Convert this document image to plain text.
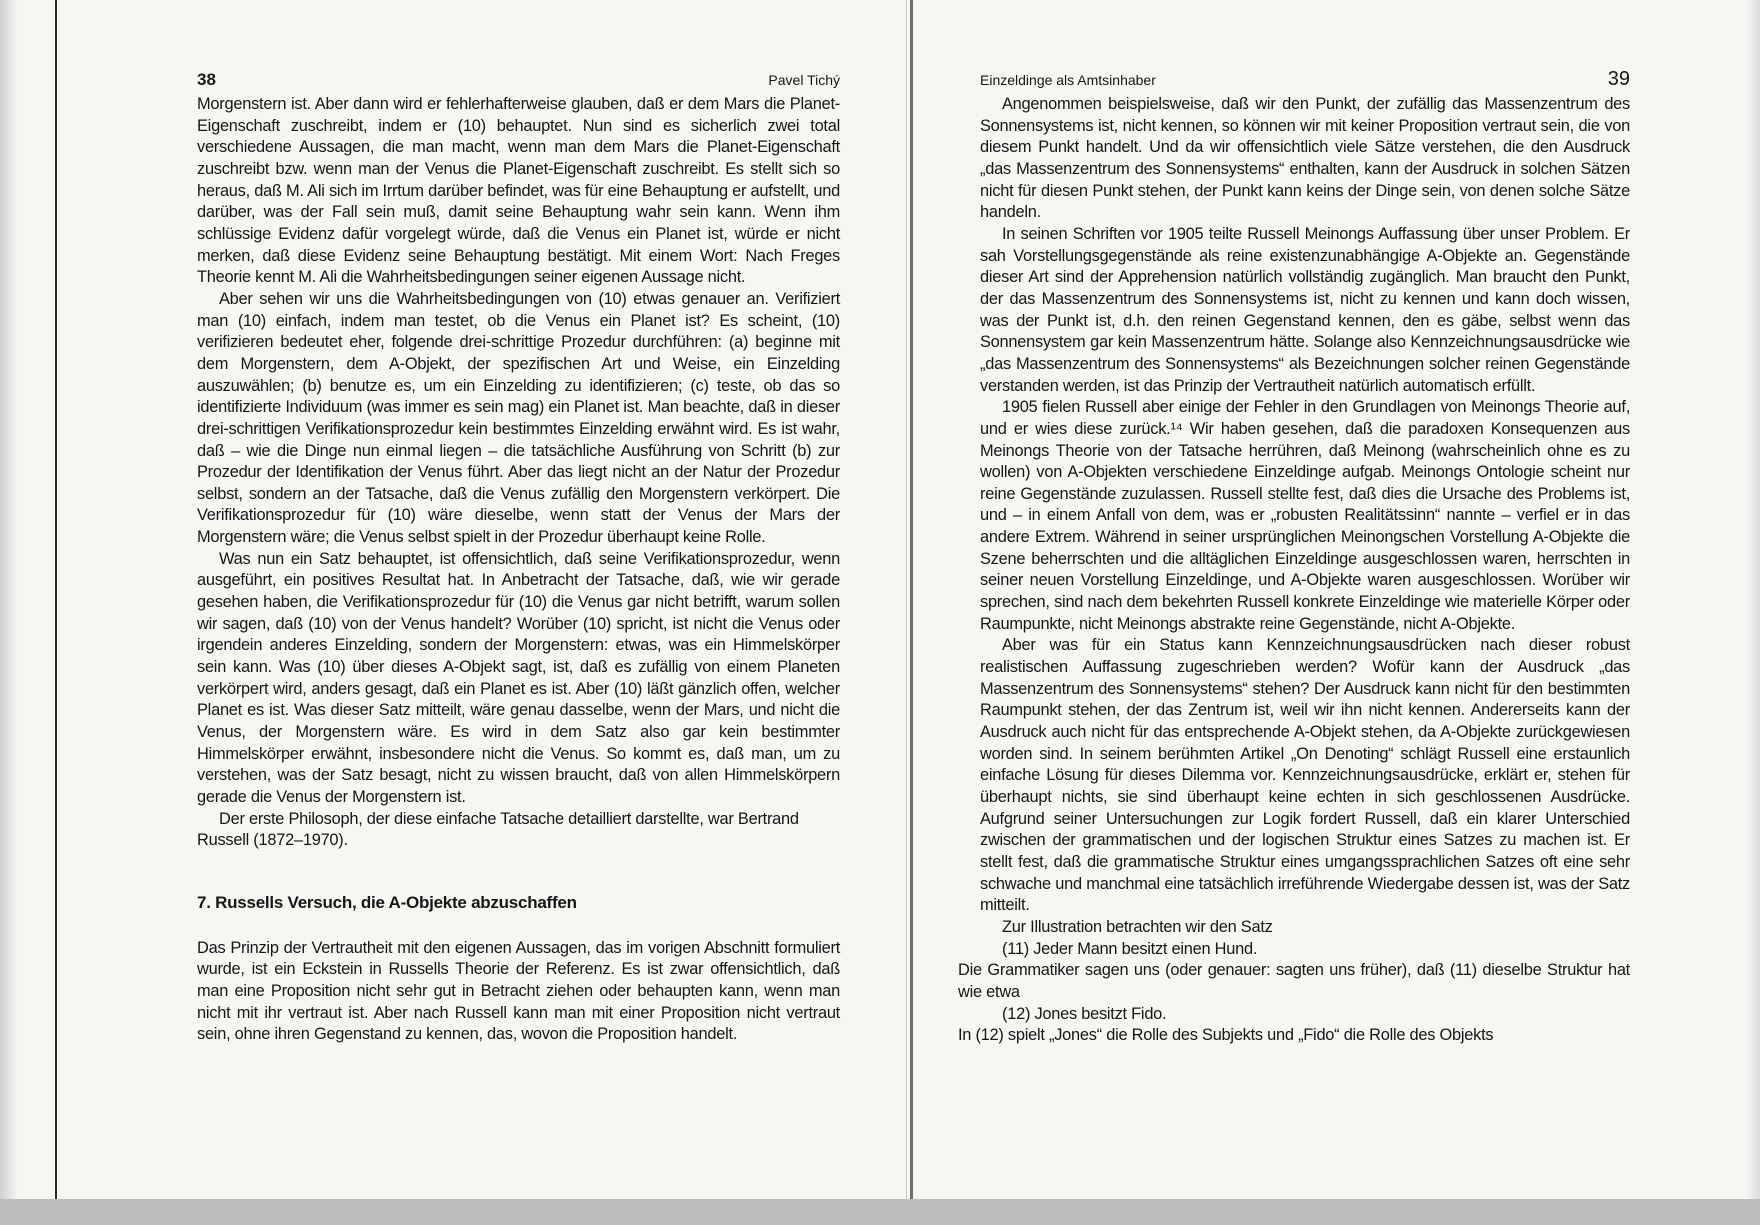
38	Pavel Tichý

Morgenstern ist. Aber dann wird er fehlerhafterweise glauben, daß er dem Mars die Planet-Eigenschaft zuschreibt, indem er (10) behauptet. Nun sind es sicherlich zwei total verschiedene Aussagen, die man macht, wenn man dem Mars die Planet-Eigenschaft zuschreibt bzw. wenn man der Venus die Planet-Eigenschaft zuschreibt. Es stellt sich so heraus, daß M. Ali sich im Irrtum darüber befindet, was für eine Behauptung er aufstellt, und darüber, was der Fall sein muß, damit seine Behauptung wahr sein kann. Wenn ihm schlüssige Evidenz dafür vorgelegt würde, daß die Venus ein Planet ist, würde er nicht merken, daß diese Evidenz seine Behauptung bestätigt. Mit einem Wort: Nach Freges Theorie kennt M. Ali die Wahrheitsbedingungen seiner eigenen Aussage nicht.

Aber sehen wir uns die Wahrheitsbedingungen von (10) etwas genauer an. Verifiziert man (10) einfach, indem man testet, ob die Venus ein Planet ist? Es scheint, (10) verifizieren bedeutet eher, folgende drei-schrittige Prozedur durchführen: (a) beginne mit dem Morgenstern, dem A-Objekt, der spezifischen Art und Weise, ein Einzelding auszuwählen; (b) benutze es, um ein Einzelding zu identifizieren; (c) teste, ob das so identifizierte Individuum (was immer es sein mag) ein Planet ist. Man beachte, daß in dieser drei-schrittigen Verifikationsprozedur kein bestimmtes Einzelding erwähnt wird. Es ist wahr, daß – wie die Dinge nun einmal liegen – die tatsächliche Ausführung von Schritt (b) zur Prozedur der Identifikation der Venus führt. Aber das liegt nicht an der Natur der Prozedur selbst, sondern an der Tatsache, daß die Venus zufällig den Morgenstern verkörpert. Die Verifikationsprozedur für (10) wäre dieselbe, wenn statt der Venus der Mars der Morgenstern wäre; die Venus selbst spielt in der Prozedur überhaupt keine Rolle.

Was nun ein Satz behauptet, ist offensichtlich, daß seine Verifikationsprozedur, wenn ausgeführt, ein positives Resultat hat. In Anbetracht der Tatsache, daß, wie wir gerade gesehen haben, die Verifikationsprozedur für (10) die Venus gar nicht betrifft, warum sollen wir sagen, daß (10) von der Venus handelt? Worüber (10) spricht, ist nicht die Venus oder irgendein anderes Einzelding, sondern der Morgenstern: etwas, was ein Himmelskörper sein kann. Was (10) über dieses A-Objekt sagt, ist, daß es zufällig von einem Planeten verkörpert wird, anders gesagt, daß ein Planet es ist. Aber (10) läßt gänzlich offen, welcher Planet es ist. Was dieser Satz mitteilt, wäre genau dasselbe, wenn der Mars, und nicht die Venus, der Morgenstern wäre. Es wird in dem Satz also gar kein bestimmter Himmelskörper erwähnt, insbesondere nicht die Venus. So kommt es, daß man, um zu verstehen, was der Satz besagt, nicht zu wissen braucht, daß von allen Himmelskörpern gerade die Venus der Morgenstern ist.

Der erste Philosoph, der diese einfache Tatsache detailliert darstellte, war Bertrand Russell (1872–1970).

7. Russells Versuch, die A-Objekte abzuschaffen

Das Prinzip der Vertrautheit mit den eigenen Aussagen, das im vorigen Abschnitt formuliert wurde, ist ein Eckstein in Russells Theorie der Referenz. Es ist zwar offensichtlich, daß man eine Proposition nicht sehr gut in Betracht ziehen oder behaupten kann, wenn man nicht mit ihr vertraut ist. Aber nach Russell kann man mit einer Proposition nicht vertraut sein, ohne ihren Gegenstand zu kennen, das, wovon die Proposition handelt.

Einzeldinge als Amtsinhaber	39

Angenommen beispielsweise, daß wir den Punkt, der zufällig das Massenzentrum des Sonnensystems ist, nicht kennen, so können wir mit keiner Proposition vertraut sein, die von diesem Punkt handelt. Und da wir offensichtlich viele Sätze verstehen, die den Ausdruck „das Massenzentrum des Sonnensystems“ enthalten, kann der Ausdruck in solchen Sätzen nicht für diesen Punkt stehen, der Punkt kann keins der Dinge sein, von denen solche Sätze handeln.

In seinen Schriften vor 1905 teilte Russell Meinongs Auffassung über unser Problem. Er sah Vorstellungsgegenstände als reine existenzunabhängige A-Objekte an. Gegenstände dieser Art sind der Apprehension natürlich vollständig zugänglich. Man braucht den Punkt, der das Massenzentrum des Sonnensystems ist, nicht zu kennen und kann doch wissen, was der Punkt ist, d.h. den reinen Gegenstand kennen, den es gäbe, selbst wenn das Sonnensystem gar kein Massenzentrum hätte. Solange also Kennzeichnungsausdrücke wie „das Massenzentrum des Sonnensystems“ als Bezeichnungen solcher reinen Gegenstände verstanden werden, ist das Prinzip der Vertrautheit natürlich automatisch erfüllt.

1905 fielen Russell aber einige der Fehler in den Grundlagen von Meinongs Theorie auf, und er wies diese zurück.¹⁴ Wir haben gesehen, daß die paradoxen Konsequenzen aus Meinongs Theorie von der Tatsache herrühren, daß Meinong (wahrscheinlich ohne es zu wollen) von A-Objekten verschiedene Einzeldinge aufgab. Meinongs Ontologie scheint nur reine Gegenstände zuzulassen. Russell stellte fest, daß dies die Ursache des Problems ist, und – in einem Anfall von dem, was er „robusten Realitätssinn“ nannte – verfiel er in das andere Extrem. Während in seiner ursprünglichen Meinongschen Vorstellung A-Objekte die Szene beherrschten und die alltäglichen Einzeldinge ausgeschlossen waren, herrschten in seiner neuen Vorstellung Einzeldinge, und A-Objekte waren ausgeschlossen. Worüber wir sprechen, sind nach dem bekehrten Russell konkrete Einzeldinge wie materielle Körper oder Raumpunkte, nicht Meinongs abstrakte reine Gegenstände, nicht A-Objekte.

Aber was für ein Status kann Kennzeichnungsausdrücken nach dieser robust realistischen Auffassung zugeschrieben werden? Wofür kann der Ausdruck „das Massenzentrum des Sonnensystems“ stehen? Der Ausdruck kann nicht für den bestimmten Raumpunkt stehen, der das Zentrum ist, weil wir ihn nicht kennen. Andererseits kann der Ausdruck auch nicht für das entsprechende A-Objekt stehen, da A-Objekte zurückgewiesen worden sind. In seinem berühmten Artikel „On Denoting“ schlägt Russell eine erstaunlich einfache Lösung für dieses Dilemma vor. Kennzeichnungsausdrücke, erklärt er, stehen für überhaupt nichts, sie sind überhaupt keine echten in sich geschlossenen Ausdrücke. Aufgrund seiner Untersuchungen zur Logik fordert Russell, daß ein klarer Unterschied zwischen der grammatischen und der logischen Struktur eines Satzes zu machen ist. Er stellt fest, daß die grammatische Struktur eines umgangssprachlichen Satzes oft eine sehr schwache und manchmal eine tatsächlich irreführende Wiedergabe dessen ist, was der Satz mitteilt.

Zur Illustration betrachten wir den Satz

(11) Jeder Mann besitzt einen Hund.

Die Grammatiker sagen uns (oder genauer: sagten uns früher), daß (11) dieselbe Struktur hat wie etwa

(12) Jones besitzt Fido.

In (12) spielt „Jones“ die Rolle des Subjekts und „Fido“ die Rolle des Objekts
